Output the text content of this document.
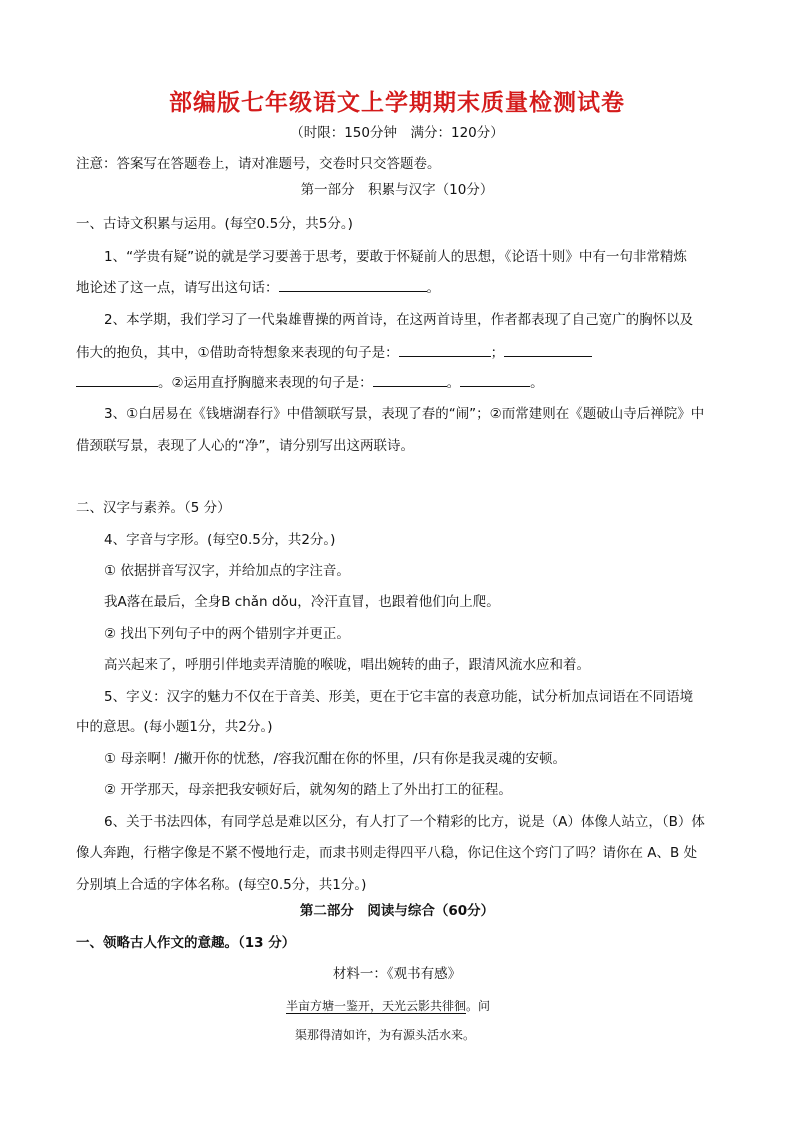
部编版七年级语文上学期期末质量检测试卷
（时限：150分钟　满分：120分）
注意：答案写在答题卷上，请对准题号，交卷时只交答题卷。
第一部分　积累与汉字（10分）
一、古诗文积累与运用。(每空0.5分，共5分。)
1、“学贵有疑”说的就是学习要善于思考，要敢于怀疑前人的思想，《论语十则》中有一句非常精炼
地论述了这一点，请写出这句话：	。
2、本学期，我们学习了一代枭雄曹操的两首诗，在这两首诗里，作者都表现了自己宽广的胸怀以及
伟大的抱负，其中，①借助奇特想象来表现的句子是：	；
。②运用直抒胸臆来表现的句子是：	。	。
3、①白居易在《钱塘湖春行》中借颔联写景，表现了春的“闹”；②而常建则在《题破山寺后禅院》中
借颈联写景，表现了人心的“净”，请分别写出这两联诗。
二、汉字与素养。（5 分）
4、字音与字形。(每空0.5分，共2分。)
① 依据拼音写汉字，并给加点的字注音。
我A落在最后，全身B chǎn dǒu，冷汗直冒，也跟着他们向上爬。
② 找出下列句子中的两个错别字并更正。
高兴起来了，呼朋引伴地卖弄清脆的喉咙，唱出婉转的曲子，跟清风流水应和着。
5、字义：汉字的魅力不仅在于音美、形美，更在于它丰富的表意功能，试分析加点词语在不同语境
中的意思。(每小题1分，共2分。)
① 母亲啊！/撇开你的忧愁，/容我沉酣在你的怀里，/只有你是我灵魂的安顿。
② 开学那天，母亲把我安顿好后，就匆匆的踏上了外出打工的征程。
6、关于书法四体，有同学总是难以区分，有人打了一个精彩的比方，说是（A）体像人站立，（B）体
像人奔跑，行楷字像是不紧不慢地行走，而隶书则走得四平八稳，你记住这个窍门了吗？请你在 A、B 处
分别填上合适的字体名称。(每空0.5分，共1分。)
第二部分　阅读与综合（60分）
一、领略古人作文的意趣。（13 分）
材料一：《观书有感》
半亩方塘一鉴开，天光云影共徘徊。问
渠那得清如许，为有源头活水来。
